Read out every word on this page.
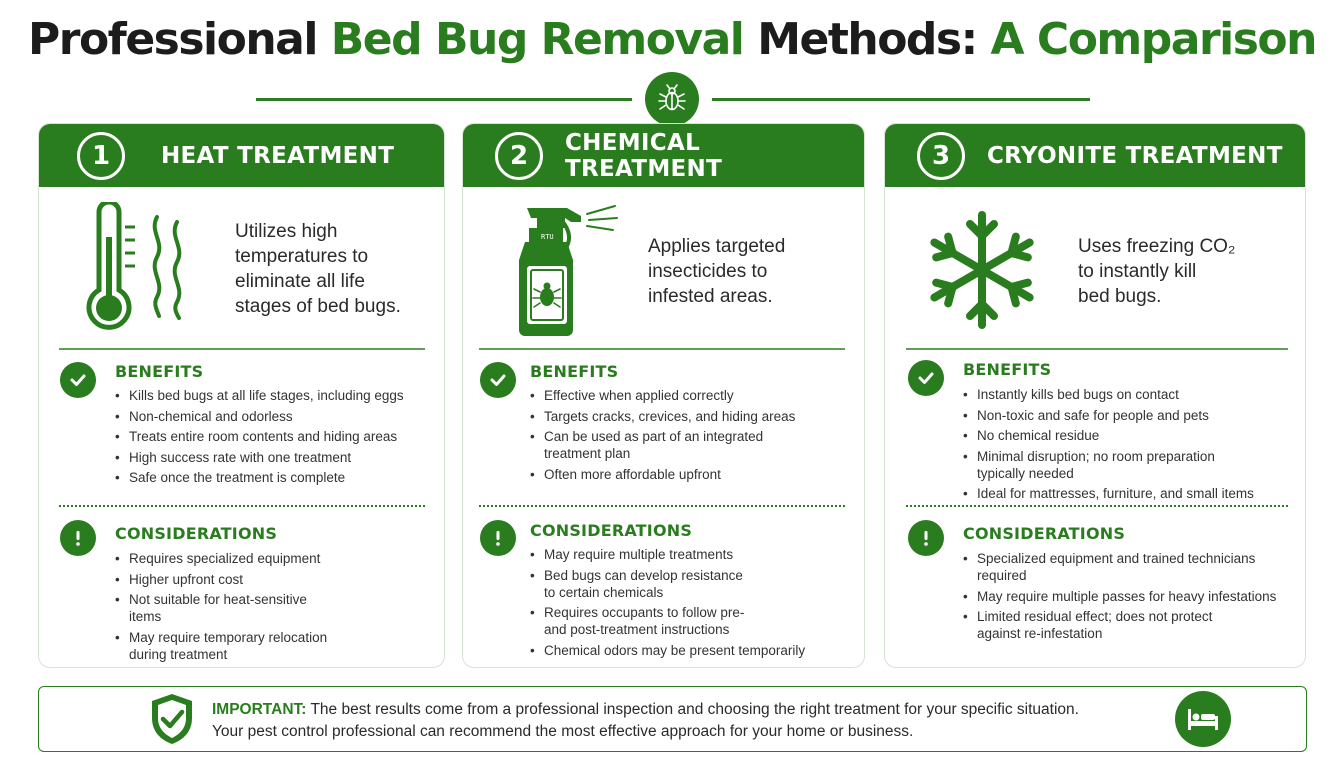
Professional Bed Bug Removal Methods: A Comparison
1	HEAT TREATMENT
Utilizes high
temperatures to
eliminate all life
stages of bed bugs.
BENEFITS
• Kills bed bugs at all life stages, including eggs
• Non-chemical and odorless
• Treats entire room contents and hiding areas
• High success rate with one treatment
• Safe once the treatment is complete
CONSIDERATIONS
• Requires specialized equipment
• Higher upfront cost
• Not suitable for heat-sensitive items
• May require temporary relocation during treatment
2	CHEMICAL TREATMENT
RTU	Applies targeted
insecticides to
infested areas.
BENEFITS
• Effective when applied correctly
• Targets cracks, crevices, and hiding areas
• Can be used as part of an integrated treatment plan
• Often more affordable upfront
CONSIDERATIONS
• May require multiple treatments
• Bed bugs can develop resistance to certain chemicals
• Requires occupants to follow pre- and post-treatment instructions
• Chemical odors may be present temporarily
3	CRYONITE TREATMENT
Uses freezing CO₂
to instantly kill
bed bugs.
BENEFITS
• Instantly kills bed bugs on contact
• Non-toxic and safe for people and pets
• No chemical residue
• Minimal disruption; no room preparation typically needed
• Ideal for mattresses, furniture, and small items
CONSIDERATIONS
• Specialized equipment and trained technicians required
• May require multiple passes for heavy infestations
• Limited residual effect; does not protect against re-infestation
IMPORTANT: The best results come from a professional inspection and choosing the right treatment for your specific situation.
Your pest control professional can recommend the most effective approach for your home or business.
